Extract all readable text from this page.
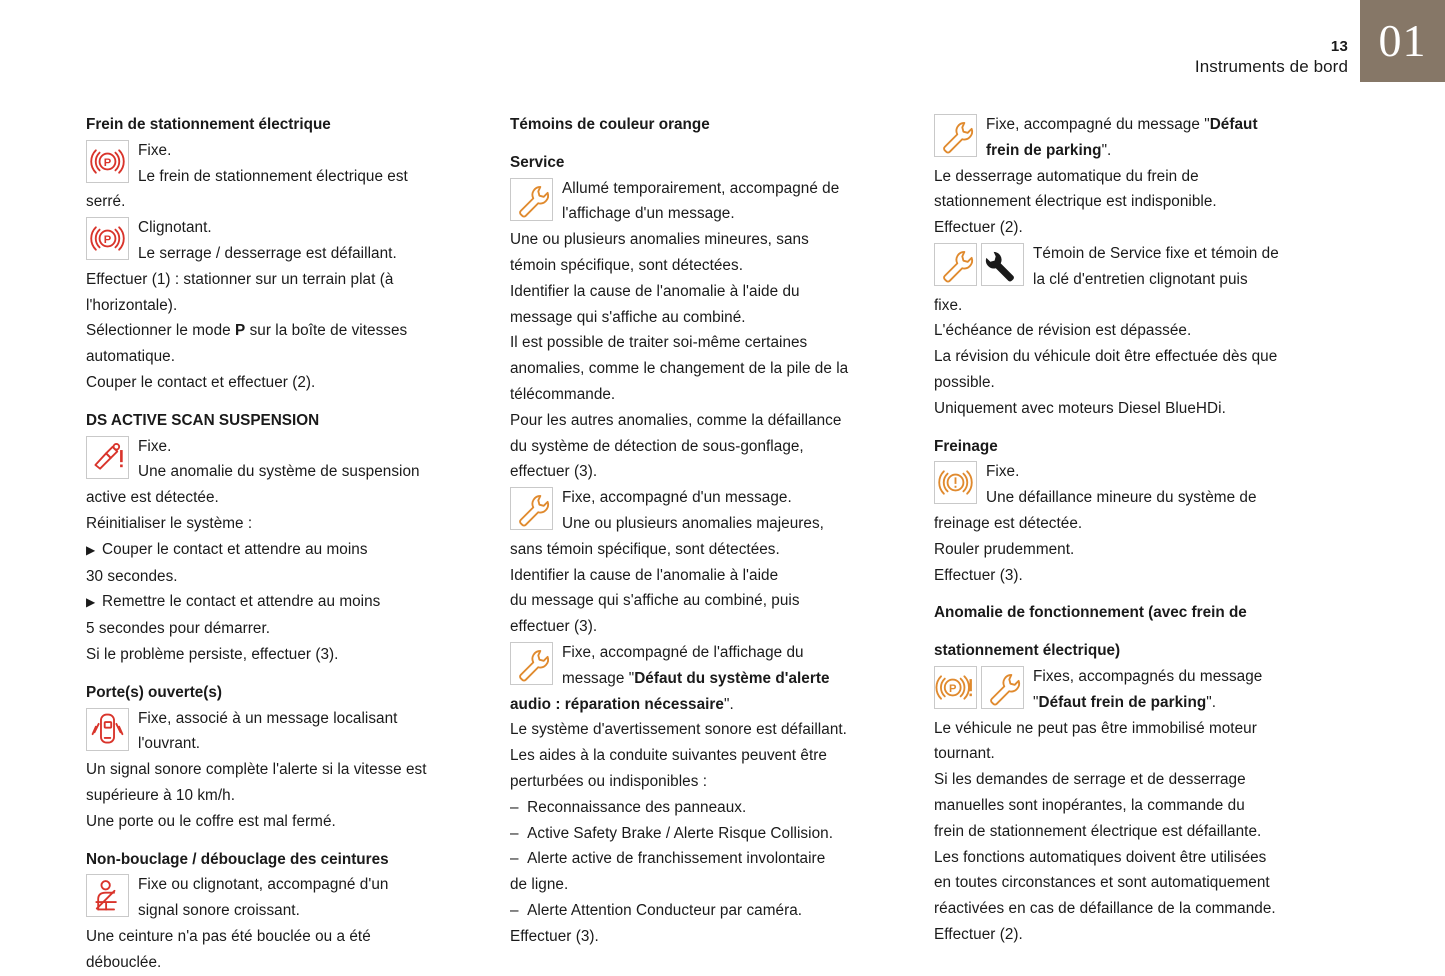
13
Instruments de bord
01
Frein de stationnement électrique
P
Fixe.
Le frein de stationnement électrique est

serré.

P
Clignotant.
Le serrage / desserrage est défaillant.

Effectuer (1) : stationner sur un terrain plat (à

l'horizontale).

Sélectionner le mode P sur la boîte de vitesses

automatique.

Couper le contact et effectuer (2).

DS ACTIVE SCAN SUSPENSION
Fixe.
Une anomalie du système de suspension

active est détectée.

Réinitialiser le système :

▶  Couper le contact et attendre au moins

30 secondes.

▶  Remettre le contact et attendre au moins

5 secondes pour démarrer.

Si le problème persiste, effectuer (3).

Porte(s) ouverte(s)
Fixe, associé à un message localisant
l'ouvrant.

Un signal sonore complète l'alerte si la vitesse est

supérieure à 10 km/h.

Une porte ou le coffre est mal fermé.

Non-bouclage / débouclage des ceintures
Fixe ou clignotant, accompagné d'un
signal sonore croissant.

Une ceinture n'a pas été bouclée ou a été

débouclée.

Témoins de couleur orange
Service
Allumé temporairement, accompagné de
l'affichage d'un message.

Une ou plusieurs anomalies mineures, sans

témoin spécifique, sont détectées.

Identifier la cause de l'anomalie à l'aide du

message qui s'affiche au combiné.

Il est possible de traiter soi-même certaines

anomalies, comme le changement de la pile de la

télécommande.

Pour les autres anomalies, comme la défaillance

du système de détection de sous-gonflage,

effectuer (3).

Fixe, accompagné d'un message.
Une ou plusieurs anomalies majeures,

sans témoin spécifique, sont détectées.

Identifier la cause de l'anomalie à l'aide

du message qui s'affiche au combiné, puis

effectuer (3).

Fixe, accompagné de l'affichage du
message "Défaut du système d'alerte

audio : réparation nécessaire".

Le système d'avertissement sonore est défaillant.

Les aides à la conduite suivantes peuvent être

perturbées ou indisponibles :

–  Reconnaissance des panneaux.

–  Active Safety Brake / Alerte Risque Collision.

–  Alerte active de franchissement involontaire

de ligne.

–  Alerte Attention Conducteur par caméra.

Effectuer (3).

Fixe, accompagné du message "Défaut
frein de parking".

Le desserrage automatique du frein de

stationnement électrique est indisponible.

Effectuer (2).

Témoin de Service fixe et témoin de
la clé d'entretien clignotant puis

fixe.

L'échéance de révision est dépassée.

La révision du véhicule doit être effectuée dès que

possible.

Uniquement avec moteurs Diesel BlueHDi.

Freinage
Fixe.
Une défaillance mineure du système de

freinage est détectée.

Rouler prudemment.

Effectuer (3).

Anomalie de fonctionnement (avec frein de
stationnement électrique)
P
Fixes, accompagnés du message
"Défaut frein de parking".

Le véhicule ne peut pas être immobilisé moteur

tournant.

Si les demandes de serrage et de desserrage

manuelles sont inopérantes, la commande du

frein de stationnement électrique est défaillante.

Les fonctions automatiques doivent être utilisées

en toutes circonstances et sont automatiquement

réactivées en cas de défaillance de la commande.

Effectuer (2).
